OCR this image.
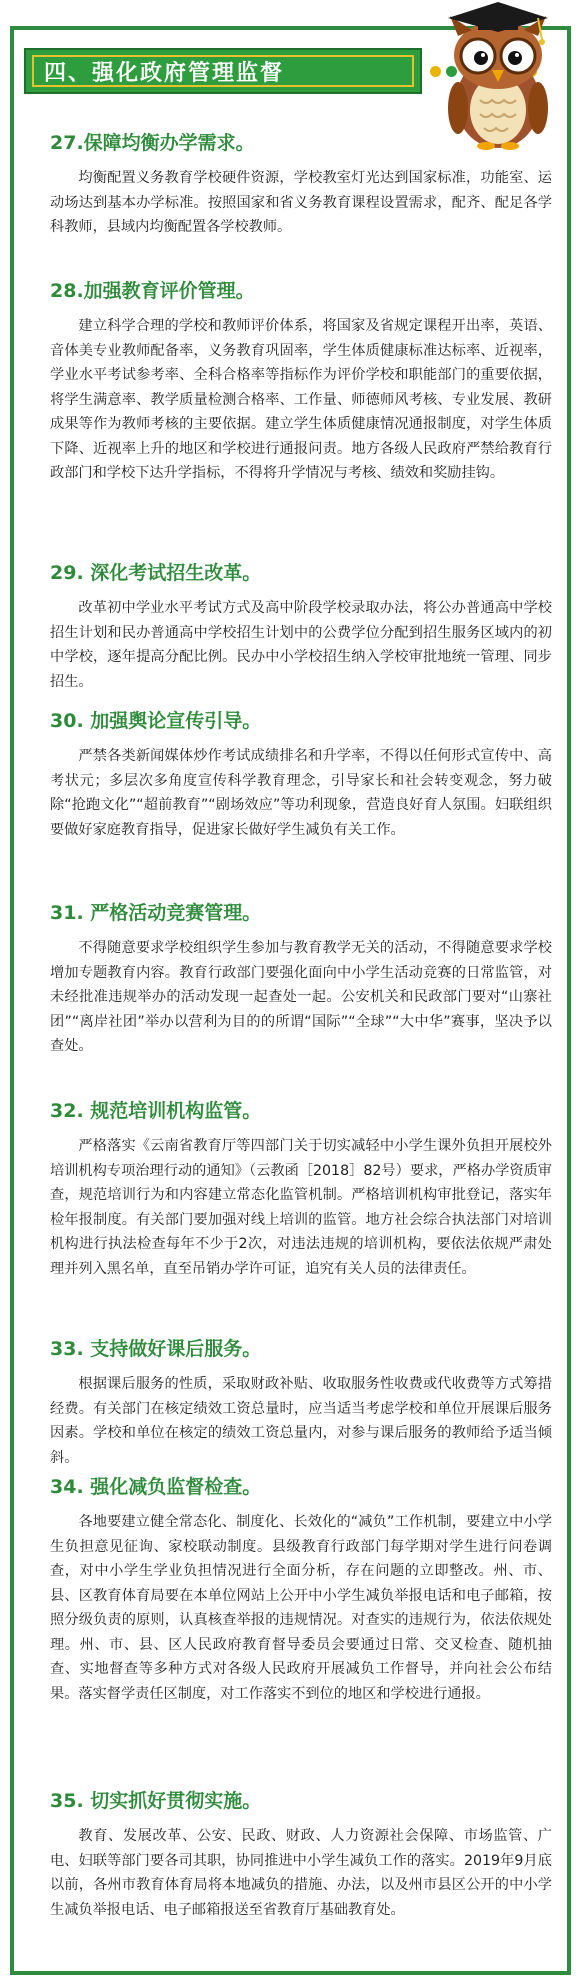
四、强化政府管理监督
27.保障均衡办学需求。

均衡配置义务教育学校硬件资源，学校教室灯光达到国家标准，功能室、运动场达到基本办学标准。按照国家和省义务教育课程设置需求，配齐、配足各学科教师，县域内均衡配置各学校教师。

28.加强教育评价管理。

建立科学合理的学校和教师评价体系，将国家及省规定课程开出率，英语、音体美专业教师配备率，义务教育巩固率，学生体质健康标准达标率、近视率，学业水平考试参考率、全科合格率等指标作为评价学校和职能部门的重要依据，将学生满意率、教学质量检测合格率、工作量、师德师风考核、专业发展、教研成果等作为教师考核的主要依据。建立学生体质健康情况通报制度，对学生体质下降、近视率上升的地区和学校进行通报问责。地方各级人民政府严禁给教育行政部门和学校下达升学指标，不得将升学情况与考核、绩效和奖励挂钩。

29. 深化考试招生改革。

改革初中学业水平考试方式及高中阶段学校录取办法，将公办普通高中学校招生计划和民办普通高中学校招生计划中的公费学位分配到招生服务区域内的初中学校，逐年提高分配比例。民办中小学校招生纳入学校审批地统一管理、同步招生。

30. 加强舆论宣传引导。

严禁各类新闻媒体炒作考试成绩排名和升学率，不得以任何形式宣传中、高考状元；多层次多角度宣传科学教育理念，引导家长和社会转变观念，努力破除“抢跑文化”“超前教育”“剧场效应”等功利现象，营造良好育人氛围。妇联组织要做好家庭教育指导，促进家长做好学生减负有关工作。

31. 严格活动竞赛管理。

不得随意要求学校组织学生参加与教育教学无关的活动，不得随意要求学校增加专题教育内容。教育行政部门要强化面向中小学生活动竞赛的日常监管，对未经批准违规举办的活动发现一起查处一起。公安机关和民政部门要对“山寨社团”“离岸社团”举办以营利为目的的所谓“国际”“全球”“大中华”赛事，坚决予以查处。

32. 规范培训机构监管。

严格落实《云南省教育厅等四部门关于切实减轻中小学生课外负担开展校外培训机构专项治理行动的通知》（云教函［2018］82号）要求，严格办学资质审查，规范培训行为和内容建立常态化监管机制。严格培训机构审批登记，落实年检年报制度。有关部门要加强对线上培训的监管。地方社会综合执法部门对培训机构进行执法检查每年不少于2次，对违法违规的培训机构，要依法依规严肃处理并列入黑名单，直至吊销办学许可证，追究有关人员的法律责任。

33. 支持做好课后服务。

根据课后服务的性质，采取财政补贴、收取服务性收费或代收费等方式筹措经费。有关部门在核定绩效工资总量时，应当适当考虑学校和单位开展课后服务因素。学校和单位在核定的绩效工资总量内，对参与课后服务的教师给予适当倾斜。

34. 强化减负监督检查。

各地要建立健全常态化、制度化、长效化的“减负”工作机制，要建立中小学生负担意见征询、家校联动制度。县级教育行政部门每学期对学生进行问卷调查，对中小学生学业负担情况进行全面分析，存在问题的立即整改。州、市、县、区教育体育局要在本单位网站上公开中小学生减负举报电话和电子邮箱，按照分级负责的原则，认真核查举报的违规情况。对查实的违规行为，依法依规处理。州、市、县、区人民政府教育督导委员会要通过日常、交叉检查、随机抽查、实地督查等多种方式对各级人民政府开展减负工作督导，并向社会公布结果。落实督学责任区制度，对工作落实不到位的地区和学校进行通报。

35. 切实抓好贯彻实施。

教育、发展改革、公安、民政、财政、人力资源社会保障、市场监管、广电、妇联等部门要各司其职，协同推进中小学生减负工作的落实。2019年9月底以前，各州市教育体育局将本地减负的措施、办法，以及州市县区公开的中小学生减负举报电话、电子邮箱报送至省教育厅基础教育处。
